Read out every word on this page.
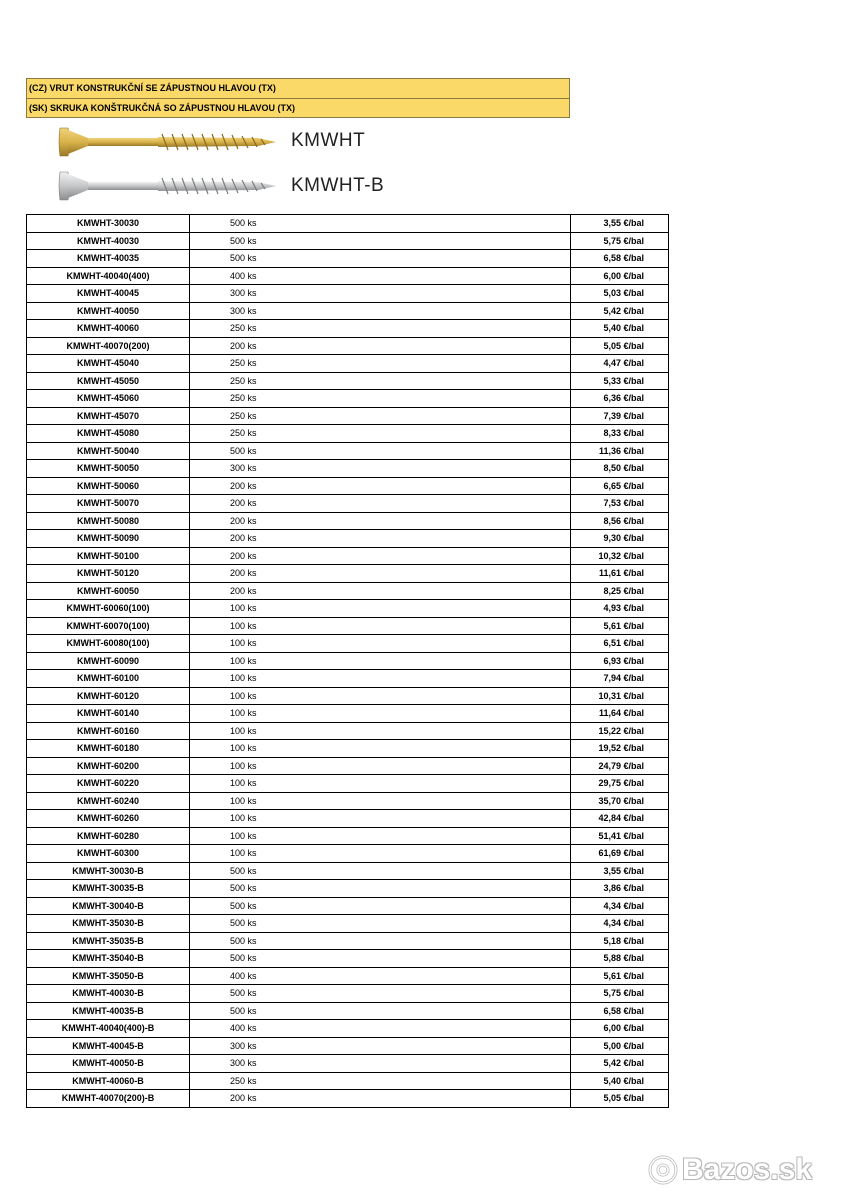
(CZ) VRUT KONSTRUKČNÍ SE ZÁPUSTNOU HLAVOU (TX)
(SK) SKRUKA KONŠTRUKČNÁ SO ZÁPUSTNOU HLAVOU (TX)
KMWHT
KMWHT-B
KMWHT-30030	500 ks	3,55 €/bal
KMWHT-40030	500 ks	5,75 €/bal
KMWHT-40035	500 ks	6,58 €/bal
KMWHT-40040(400)	400 ks	6,00 €/bal
KMWHT-40045	300 ks	5,03 €/bal
KMWHT-40050	300 ks	5,42 €/bal
KMWHT-40060	250 ks	5,40 €/bal
KMWHT-40070(200)	200 ks	5,05 €/bal
KMWHT-45040	250 ks	4,47 €/bal
KMWHT-45050	250 ks	5,33 €/bal
KMWHT-45060	250 ks	6,36 €/bal
KMWHT-45070	250 ks	7,39 €/bal
KMWHT-45080	250 ks	8,33 €/bal
KMWHT-50040	500 ks	11,36 €/bal
KMWHT-50050	300 ks	8,50 €/bal
KMWHT-50060	200 ks	6,65 €/bal
KMWHT-50070	200 ks	7,53 €/bal
KMWHT-50080	200 ks	8,56 €/bal
KMWHT-50090	200 ks	9,30 €/bal
KMWHT-50100	200 ks	10,32 €/bal
KMWHT-50120	200 ks	11,61 €/bal
KMWHT-60050	200 ks	8,25 €/bal
KMWHT-60060(100)	100 ks	4,93 €/bal
KMWHT-60070(100)	100 ks	5,61 €/bal
KMWHT-60080(100)	100 ks	6,51 €/bal
KMWHT-60090	100 ks	6,93 €/bal
KMWHT-60100	100 ks	7,94 €/bal
KMWHT-60120	100 ks	10,31 €/bal
KMWHT-60140	100 ks	11,64 €/bal
KMWHT-60160	100 ks	15,22 €/bal
KMWHT-60180	100 ks	19,52 €/bal
KMWHT-60200	100 ks	24,79 €/bal
KMWHT-60220	100 ks	29,75 €/bal
KMWHT-60240	100 ks	35,70 €/bal
KMWHT-60260	100 ks	42,84 €/bal
KMWHT-60280	100 ks	51,41 €/bal
KMWHT-60300	100 ks	61,69 €/bal
KMWHT-30030-B	500 ks	3,55 €/bal
KMWHT-30035-B	500 ks	3,86 €/bal
KMWHT-30040-B	500 ks	4,34 €/bal
KMWHT-35030-B	500 ks	4,34 €/bal
KMWHT-35035-B	500 ks	5,18 €/bal
KMWHT-35040-B	500 ks	5,88 €/bal
KMWHT-35050-B	400 ks	5,61 €/bal
KMWHT-40030-B	500 ks	5,75 €/bal
KMWHT-40035-B	500 ks	6,58 €/bal
KMWHT-40040(400)-B	400 ks	6,00 €/bal
KMWHT-40045-B	300 ks	5,00 €/bal
KMWHT-40050-B	300 ks	5,42 €/bal
KMWHT-40060-B	250 ks	5,40 €/bal
KMWHT-40070(200)-B	200 ks	5,05 €/bal
Bazos.sk
